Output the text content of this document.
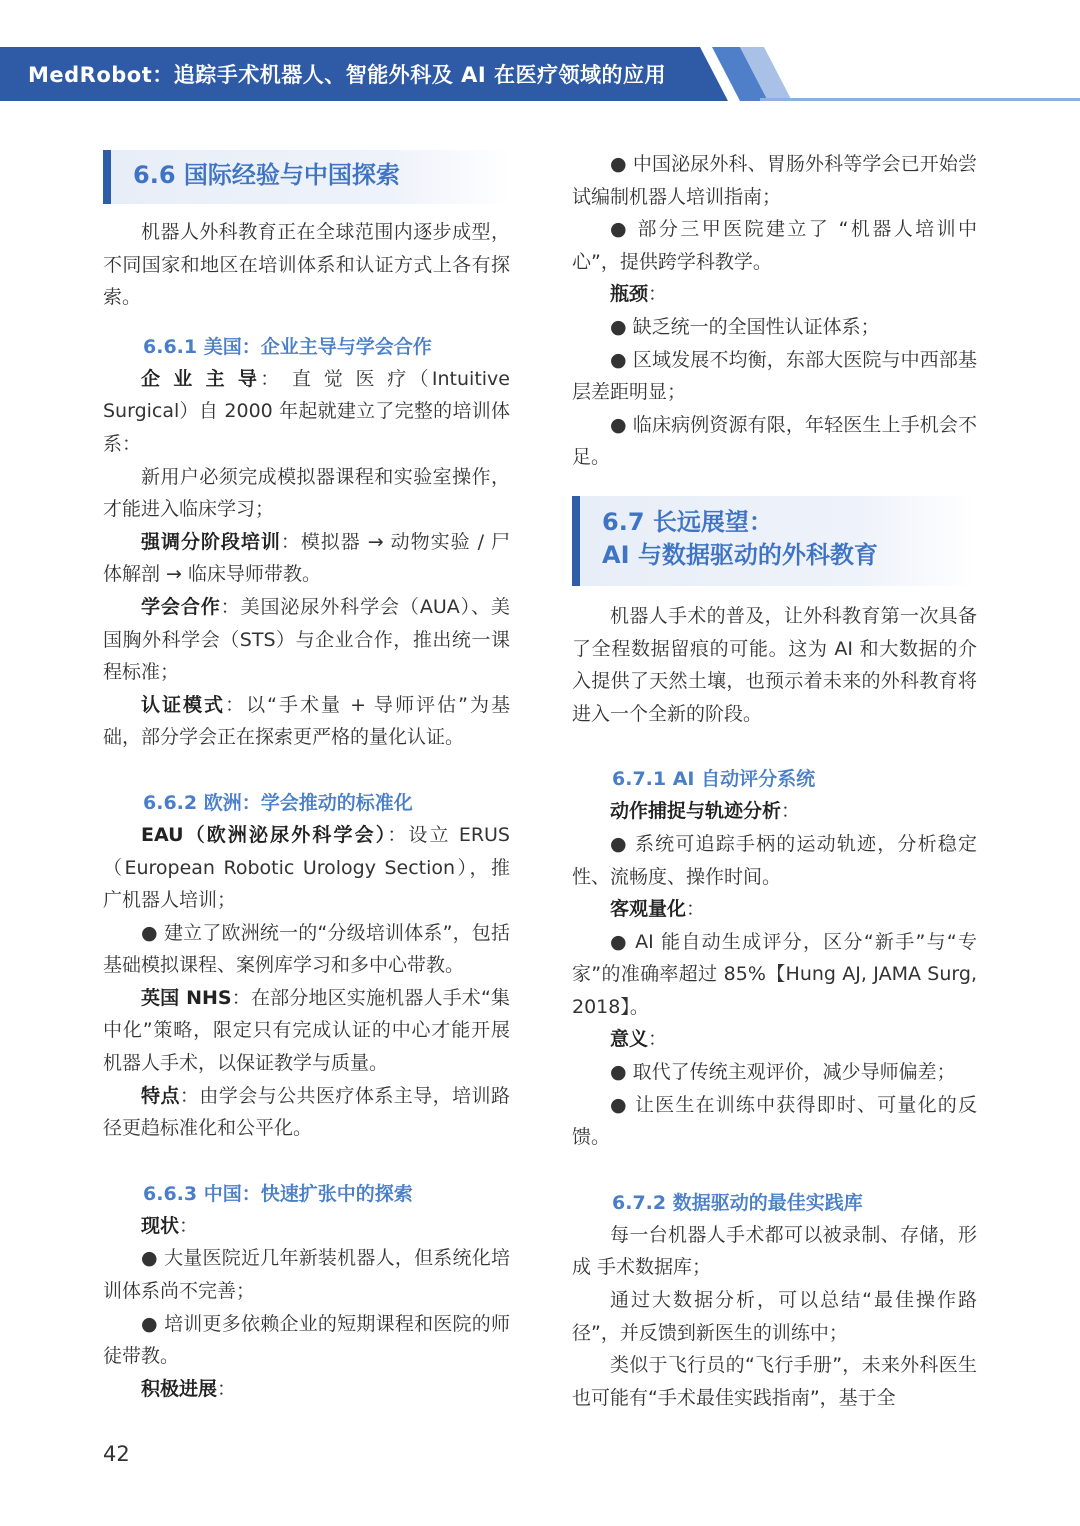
MedRobot：追踪手术机器人、智能外科及 AI 在医疗领域的应用
6.6 国际经验与中国探索

机器人外科教育正在全球范围内逐步成型，不同国家和地区在培训体系和认证方式上各有探索。

6.6.1 美国：企业主导与学会合作

企 业 主 导： 直 觉 医 疗（Intuitive Surgical）自 2000 年起就建立了完整的培训体系：

新用户必须完成模拟器课程和实验室操作，才能进入临床学习；

强调分阶段培训：模拟器 → 动物实验 / 尸体解剖 → 临床导师带教。

学会合作：美国泌尿外科学会（AUA）、美国胸外科学会（STS）与企业合作，推出统一课程标准；

认证模式：以“手术量 + 导师评估”为基础，部分学会正在探索更严格的量化认证。

6.6.2 欧洲：学会推动的标准化

EAU（欧洲泌尿外科学会）：设立 ERUS（European Robotic Urology Section），推广机器人培训；

● 建立了欧洲统一的“分级培训体系”，包括基础模拟课程、案例库学习和多中心带教。

英国 NHS：在部分地区实施机器人手术“集中化”策略，限定只有完成认证的中心才能开展机器人手术，以保证教学与质量。

特点：由学会与公共医疗体系主导，培训路径更趋标准化和公平化。

6.6.3 中国：快速扩张中的探索

现状：

● 大量医院近几年新装机器人，但系统化培训体系尚不完善；

● 培训更多依赖企业的短期课程和医院的师徒带教。

积极进展：

● 中国泌尿外科、胃肠外科等学会已开始尝试编制机器人培训指南；

● 部分三甲医院建立了 “机器人培训中心”，提供跨学科教学。

瓶颈：

● 缺乏统一的全国性认证体系；

● 区域发展不均衡，东部大医院与中西部基层差距明显；

● 临床病例资源有限，年轻医生上手机会不足。

6.7 长远展望：
AI 与数据驱动的外科教育

机器人手术的普及，让外科教育第一次具备了全程数据留痕的可能。这为 AI 和大数据的介入提供了天然土壤，也预示着未来的外科教育将进入一个全新的阶段。

6.7.1 AI 自动评分系统

动作捕捉与轨迹分析：

● 系统可追踪手柄的运动轨迹，分析稳定性、流畅度、操作时间。

客观量化：

● AI 能自动生成评分，区分“新手”与“专家”的准确率超过 85%【Hung AJ, JAMA Surg, 2018】。

意义：

● 取代了传统主观评价，减少导师偏差；

● 让医生在训练中获得即时、可量化的反馈。

6.7.2 数据驱动的最佳实践库

每一台机器人手术都可以被录制、存储，形成 手术数据库；

通过大数据分析，可以总结“最佳操作路径”，并反馈到新医生的训练中；

类似于飞行员的“飞行手册”，未来外科医生也可能有“手术最佳实践指南”，基于全

42
